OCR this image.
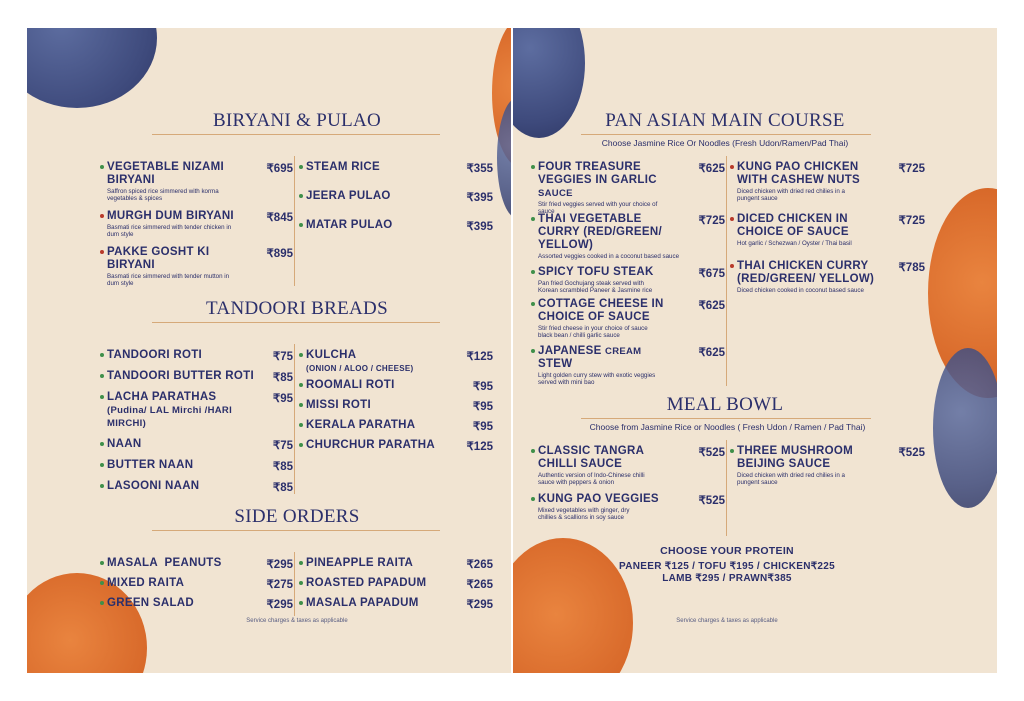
BIRYANI & PULAO
VEGETABLE NIZAMI BIRYANI
Saffron spiced rice simmered with korma vegetables & spices
₹695
MURGH DUM BIRYANI
Basmati rice simmered with tender chicken in dum style
₹845
PAKKE GOSHT KI BIRYANI
Basmati rice simmered with tender mutton in dum style
₹895
STEAM RICE	₹355
JEERA PULAO	₹395
MATAR PULAO	₹395
TANDOORI BREADS
TANDOORI ROTI	₹75
TANDOORI BUTTER ROTI	₹85
LACHA PARATHAS
(Pudina/ LAL Mirchi /HARI MIRCHI)
₹95
NAAN	₹75
BUTTER NAAN	₹85
LASOONI NAAN	₹85
KULCHA
(ONION / ALOO / CHEESE)
₹125
ROOMALI ROTI	₹95
MISSI ROTI	₹95
KERALA PARATHA	₹95
CHURCHUR PARATHA	₹125
SIDE ORDERS
MASALA  PEANUTS	₹295
MIXED RAITA	₹275
GREEN SALAD	₹295
PINEAPPLE RAITA	₹265
ROASTED PAPADUM	₹265
MASALA PAPADUM	₹295
Service charges & taxes as applicable
PAN ASIAN MAIN COURSE
Choose Jasmine Rice Or Noodles (Fresh Udon/Ramen/Pad Thai)
FOUR TREASURE VEGGIES IN GARLIC
SAUCE
Stir fried veggies served with your choice of sauce
₹625
THAI VEGETABLE CURRY (RED/GREEN/ YELLOW)
Assorted veggies cooked in a coconut based sauce
₹725
SPICY TOFU STEAK
Pan fried Gochujang steak served with Korean scrambled Paneer & Jasmine rice
₹675
COTTAGE CHEESE IN CHOICE OF SAUCE
Stir fried cheese in your choice of sauce black bean / chilli garlic sauce
₹625
JAPANESE CREAM
STEW
Light golden curry stew with exotic veggies served with mini bao
₹625
KUNG PAO CHICKEN WITH CASHEW NUTS
Diced chicken with dried red chilies in a pungent sauce
₹725
DICED CHICKEN IN CHOICE OF SAUCE
Hot garlic / Schezwan / Oyster / Thai basil
₹725
THAI CHICKEN CURRY (RED/GREEN/ YELLOW)
Diced chicken cooked in coconut based sauce
₹785
MEAL BOWL
Choose from Jasmine Rice or Noodles ( Fresh Udon / Ramen / Pad Thai)
CLASSIC TANGRA CHILLI SAUCE
Authentic version of Indo-Chinese chilli sauce with peppers & onion
₹525
KUNG PAO VEGGIES
Mixed vegetables with ginger, dry chillies & scallions in soy sauce
₹525
THREE MUSHROOM BEIJING SAUCE
Diced chicken with dried red chilies in a pungent sauce
₹525
CHOOSE YOUR PROTEIN
PANEER ₹125 / TOFU ₹195 / CHICKEN₹225
LAMB ₹295 / PRAWN₹385
Service charges & taxes as applicable
